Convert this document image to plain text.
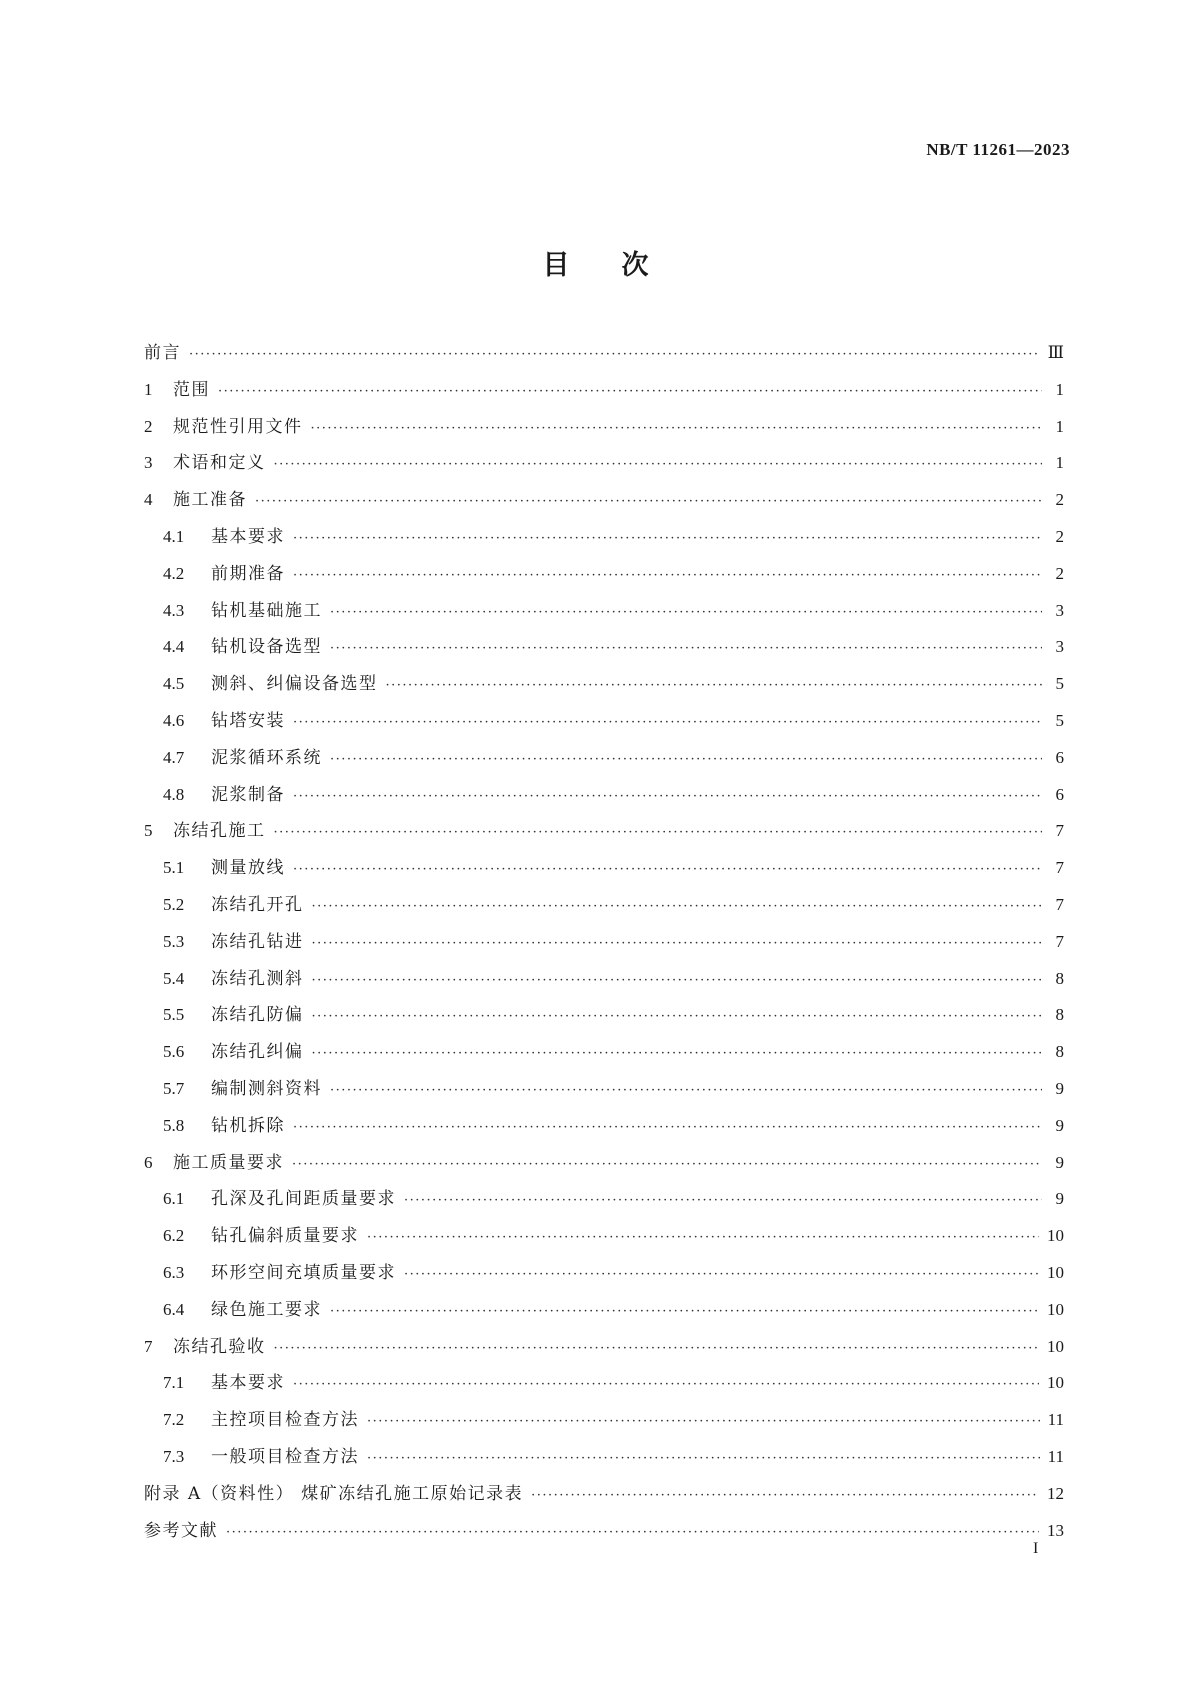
NB/T 11261—2023
目次
前言 ·····	Ⅲ
1	范围 ·····	1
2	规范性引用文件 ·····	1
3	术语和定义 ·····	1
4	施工准备 ·····	2
4.1	基本要求 ·····	2
4.2	前期准备 ·····	2
4.3	钻机基础施工 ·····	3
4.4	钻机设备选型 ·····	3
4.5	测斜、纠偏设备选型 ·····	5
4.6	钻塔安装 ·····	5
4.7	泥浆循环系统 ·····	6
4.8	泥浆制备 ·····	6
5	冻结孔施工 ·····	7
5.1	测量放线 ·····	7
5.2	冻结孔开孔 ·····	7
5.3	冻结孔钻进 ·····	7
5.4	冻结孔测斜 ·····	8
5.5	冻结孔防偏 ·····	8
5.6	冻结孔纠偏 ·····	8
5.7	编制测斜资料 ·····	9
5.8	钻机拆除 ·····	9
6	施工质量要求 ·····	9
6.1	孔深及孔间距质量要求 ·····	9
6.2	钻孔偏斜质量要求 ·····	10
6.3	环形空间充填质量要求 ·····	10
6.4	绿色施工要求 ·····	10
7	冻结孔验收 ·····	10
7.1	基本要求 ·····	10
7.2	主控项目检查方法 ·····	11
7.3	一般项目检查方法 ·····	11
附录 A（资料性） 煤矿冻结孔施工原始记录表 ·····	12
参考文献 ·····	13
I
